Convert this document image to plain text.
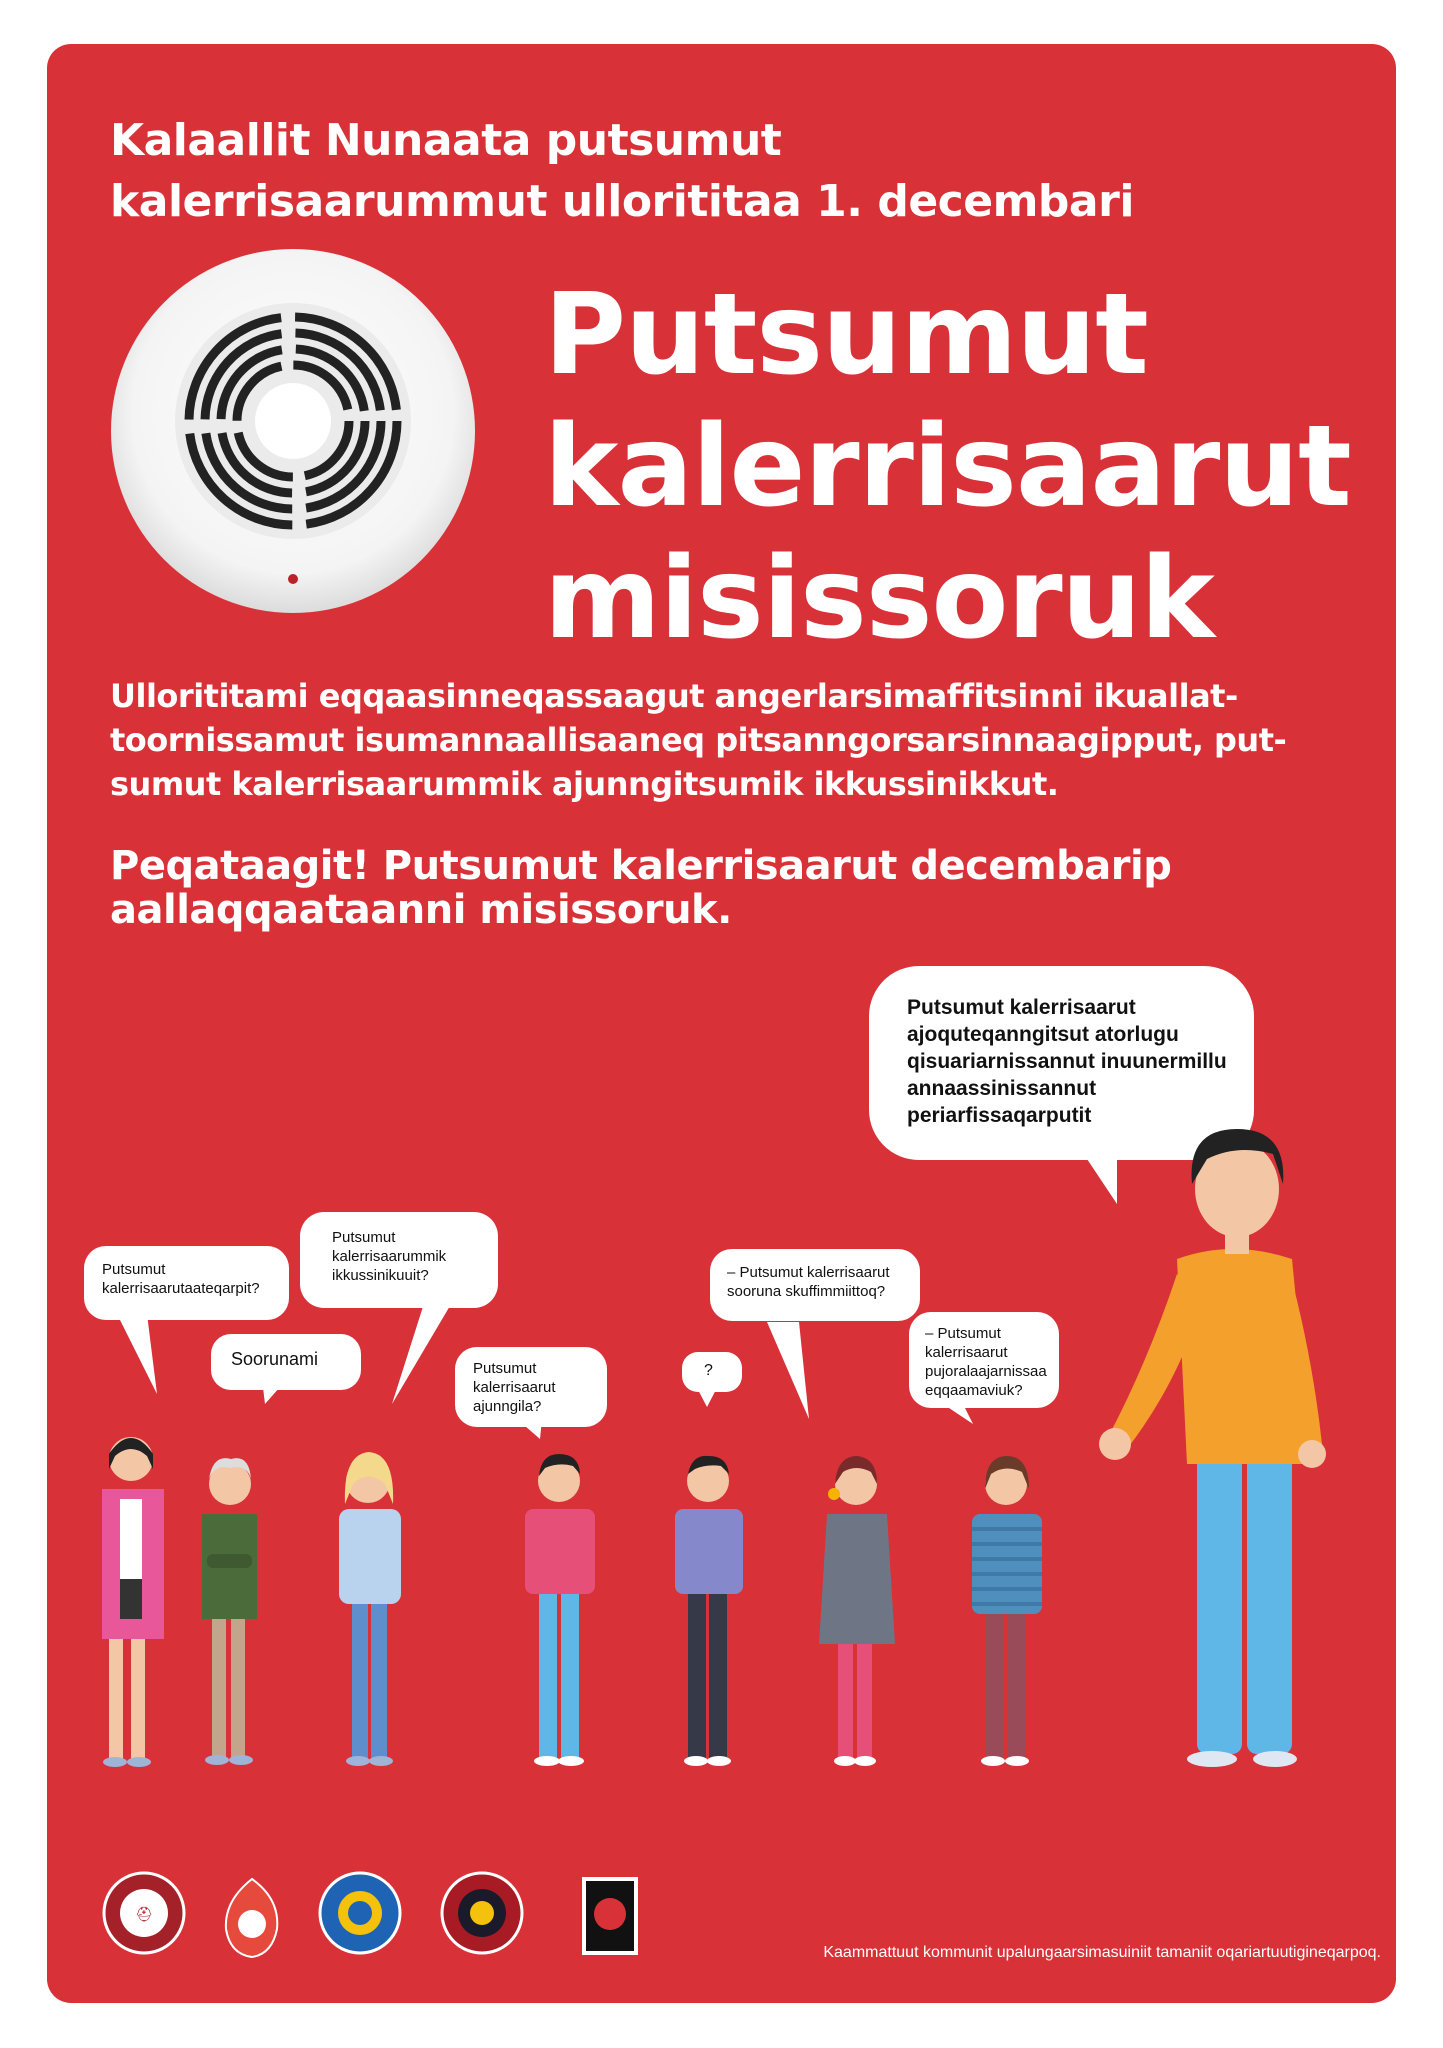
Kalaallit Nunaata putsumut
kalerrisaarummut ullorititaa 1. decembari
Putsumut
kalerrisaarut
misissoruk
Ullorititami eqqaasinneqassaagut angerlarsimaffitsinni ikuallat-
toornissamut isumannaallisaaneq pitsanngorsarsinnaagipput, put-
sumut kalerrisaarummik ajunngitsumik ikkussinikkut.
Peqataagit! Putsumut kalerrisaarut decembarip
aallaqqaataanni misissoruk.
Putsumut kalerrisaarut
ajoquteqanngitsut atorlugu
qisuariarnissannut inuunermillu
annaassinissannut
periarfissaqarputit
Putsumut
kalerrisaarutaateqarpit?
Soorunami
Putsumut
kalerrisaarummik
ikkussinikuuit?
Putsumut
kalerrisaarut
ajunngila?
?
– Putsumut kalerrisaarut
sooruna skuffimmiittoq?
– Putsumut
kalerrisaarut
pujoralaajarnissaa
eqqaamaviuk?
⛑
Kaammattuut kommunit upalungaarsimasuiniit tamaniit oqariartuutigineqarpoq.
